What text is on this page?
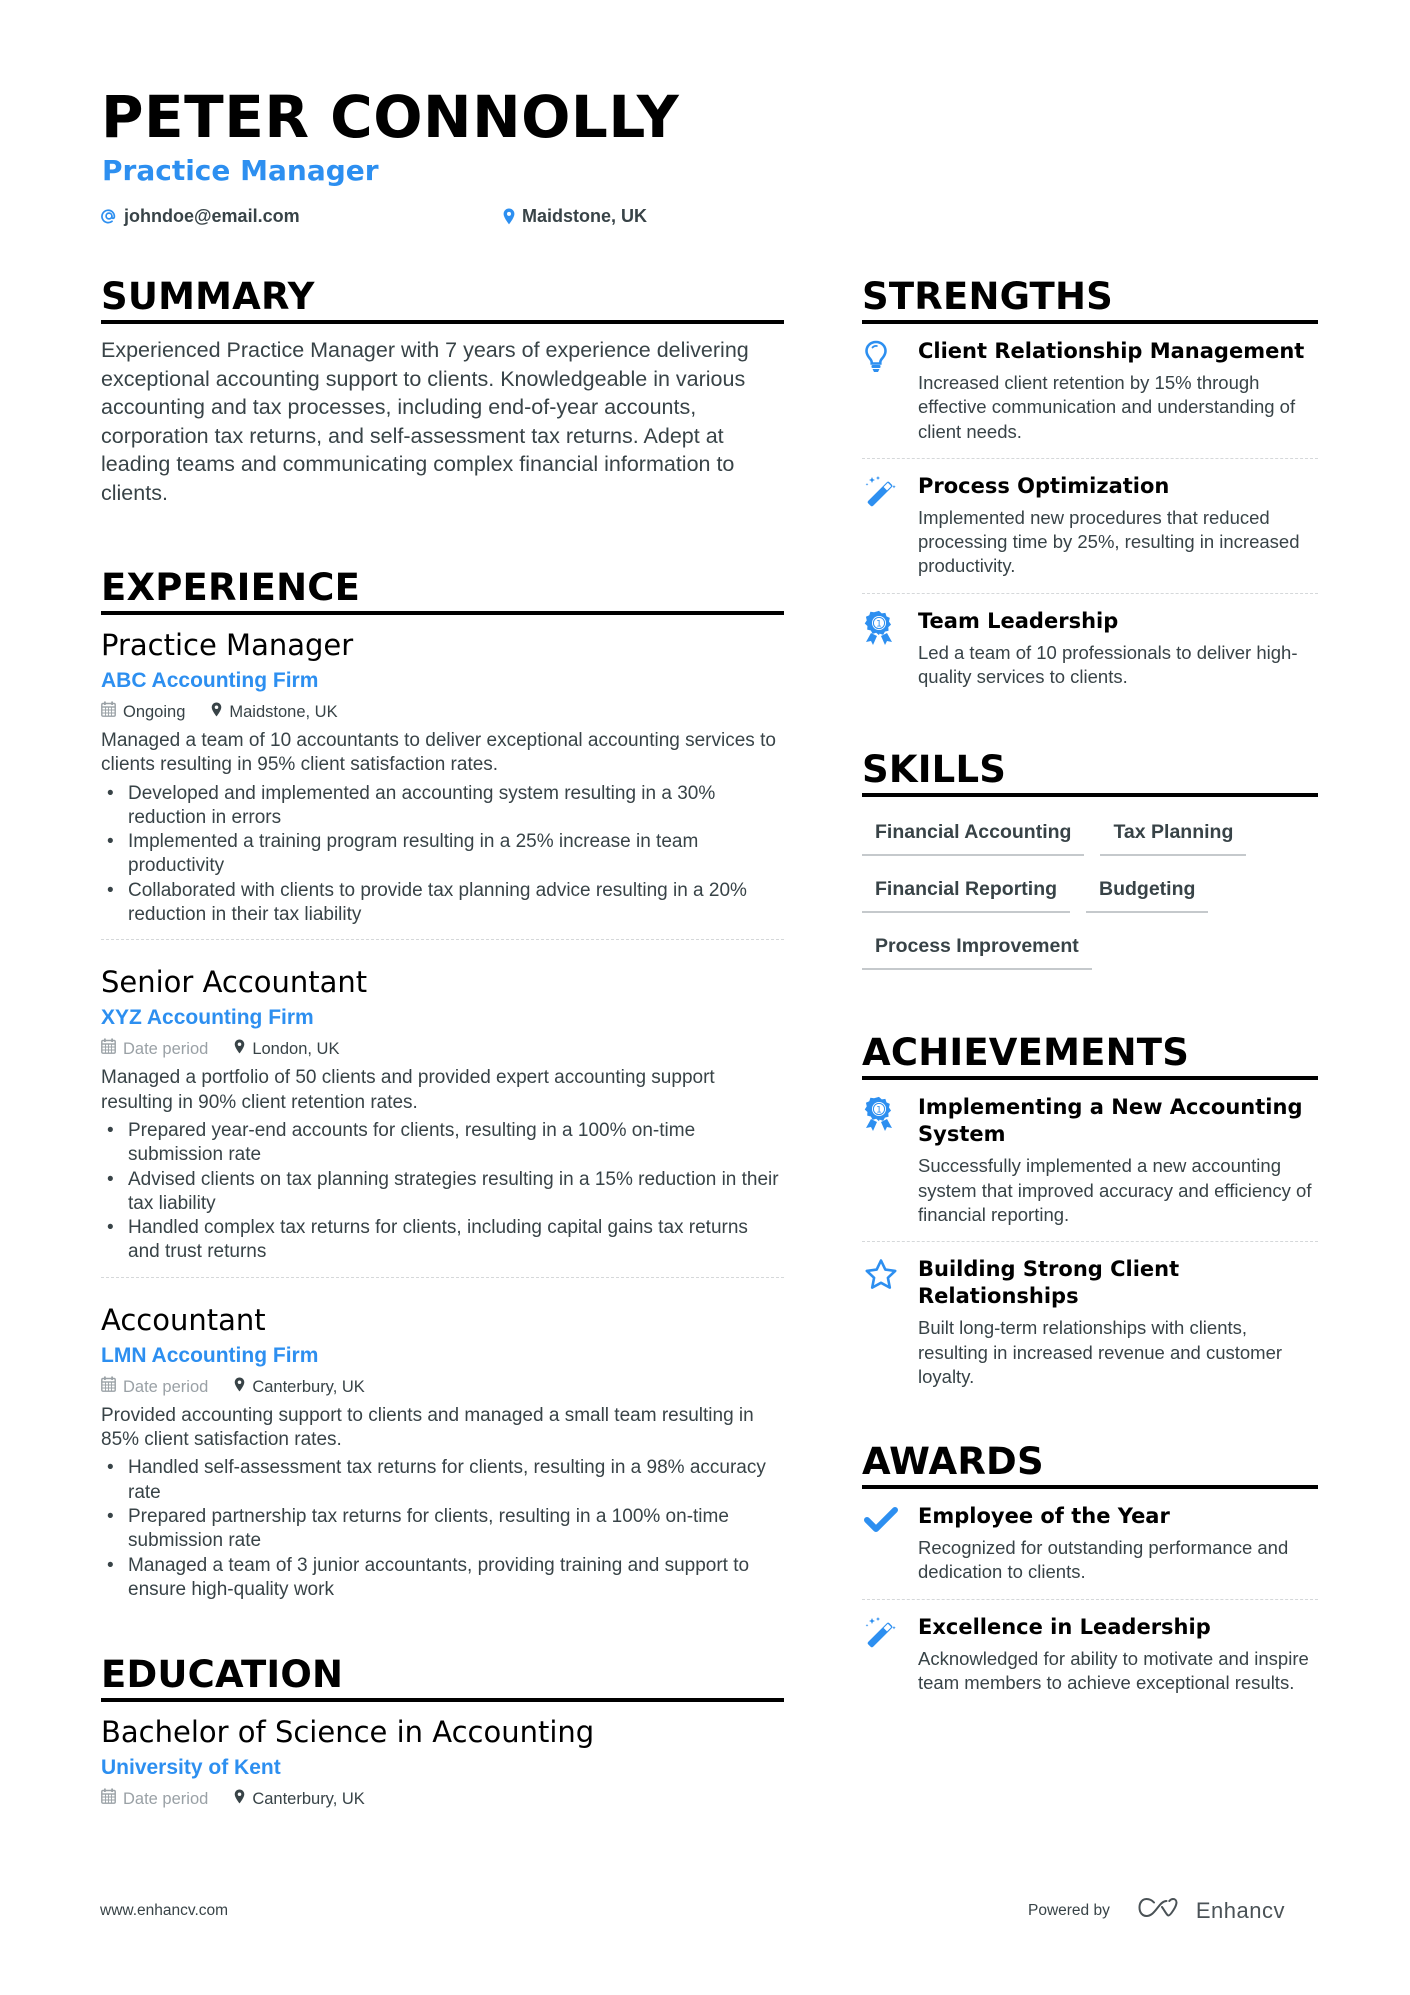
PETER CONNOLLY
Practice Manager
johndoe@email.com	Maidstone, UK
SUMMARY

Experienced Practice Manager with 7 years of experience delivering exceptional accounting support to clients. Knowledgeable in various accounting and tax processes, including end-of-year accounts, corporation tax returns, and self-assessment tax returns. Adept at leading teams and communicating complex financial information to clients.

EXPERIENCE
Practice Manager
ABC Accounting Firm
Ongoing	Maidstone, UK

Managed a team of 10 accountants to deliver exceptional accounting services to clients resulting in 95% client satisfaction rates.

• Developed and implemented an accounting system resulting in a 30% reduction in errors
• Implemented a training program resulting in a 25% increase in team productivity
• Collaborated with clients to provide tax planning advice resulting in a 20% reduction in their tax liability
Senior Accountant
XYZ Accounting Firm
Date period	London, UK

Managed a portfolio of 50 clients and provided expert accounting support resulting in 90% client retention rates.

• Prepared year-end accounts for clients, resulting in a 100% on-time submission rate
• Advised clients on tax planning strategies resulting in a 15% reduction in their tax liability
• Handled complex tax returns for clients, including capital gains tax returns and trust returns
Accountant
LMN Accounting Firm
Date period	Canterbury, UK

Provided accounting support to clients and managed a small team resulting in 85% client satisfaction rates.

• Handled self-assessment tax returns for clients, resulting in a 98% accuracy rate
• Prepared partnership tax returns for clients, resulting in a 100% on-time submission rate
• Managed a team of 3 junior accountants, providing training and support to ensure high-quality work
EDUCATION
Bachelor of Science in Accounting
University of Kent
Date period	Canterbury, UK
STRENGTHS
Client Relationship Management
Increased client retention by 15% through effective communication and understanding of client needs.
Process Optimization
Implemented new procedures that reduced processing time by 25%, resulting in increased productivity.
1 Team Leadership
Led a team of 10 professionals to deliver high-quality services to clients.
SKILLS
Financial Accounting	Tax Planning
Financial Reporting	Budgeting
Process Improvement
ACHIEVEMENTS
1 Implementing a New Accounting System
Successfully implemented a new accounting system that improved accuracy and efficiency of financial reporting.
Building Strong Client Relationships
Built long-term relationships with clients, resulting in increased revenue and customer loyalty.
AWARDS
Employee of the Year
Recognized for outstanding performance and dedication to clients.
Excellence in Leadership
Acknowledged for ability to motivate and inspire team members to achieve exceptional results.
www.enhancv.com	Powered by	Enhancv
